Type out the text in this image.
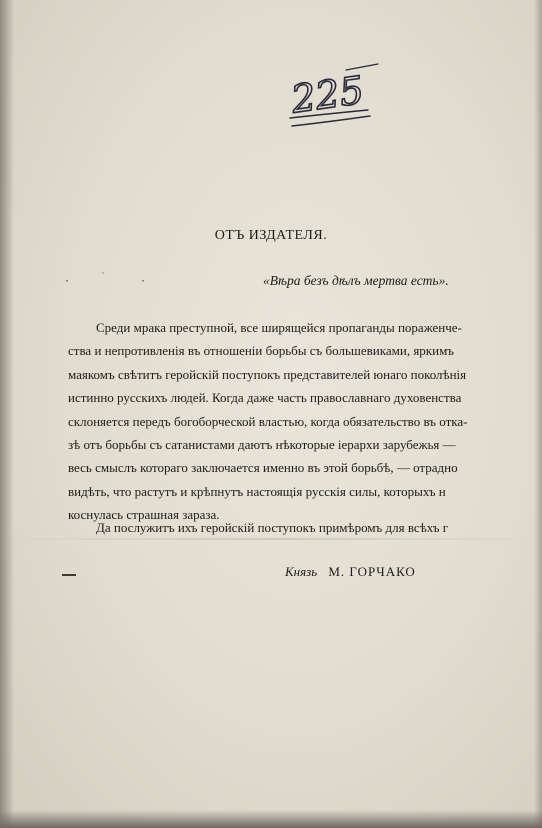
225
ОТЪ ИЗДАТЕЛЯ.
·	˙	·	«Вѣра безъ дѣлъ мертва есть».
Среди мрака преступной, все ширящейся пропаганды пораженче-
ства и непротивленія въ отношеніи борьбы съ большевиками, яркимъ
маякомъ свѣтитъ геройскій поступокъ представителей юнаго поколѣнія
истинно русскихъ людей. Когда даже часть православнаго духовенства
склоняется передъ богоборческой властью, когда обязательство въ отка-
зѣ отъ борьбы съ сатанистами даютъ нѣкоторые іерархи зарубежья —
весь смыслъ котораго заключается именно въ этой борьбѣ, — отрадно
видѣть, что растутъ и крѣпнутъ настоящія русскія силы, которыхъ н
коснулась страшная зараза.
Да послужитъ ихъ геройскій поступокъ примѣромъ для всѣхъ г
Князь М. ГОРЧАКО
